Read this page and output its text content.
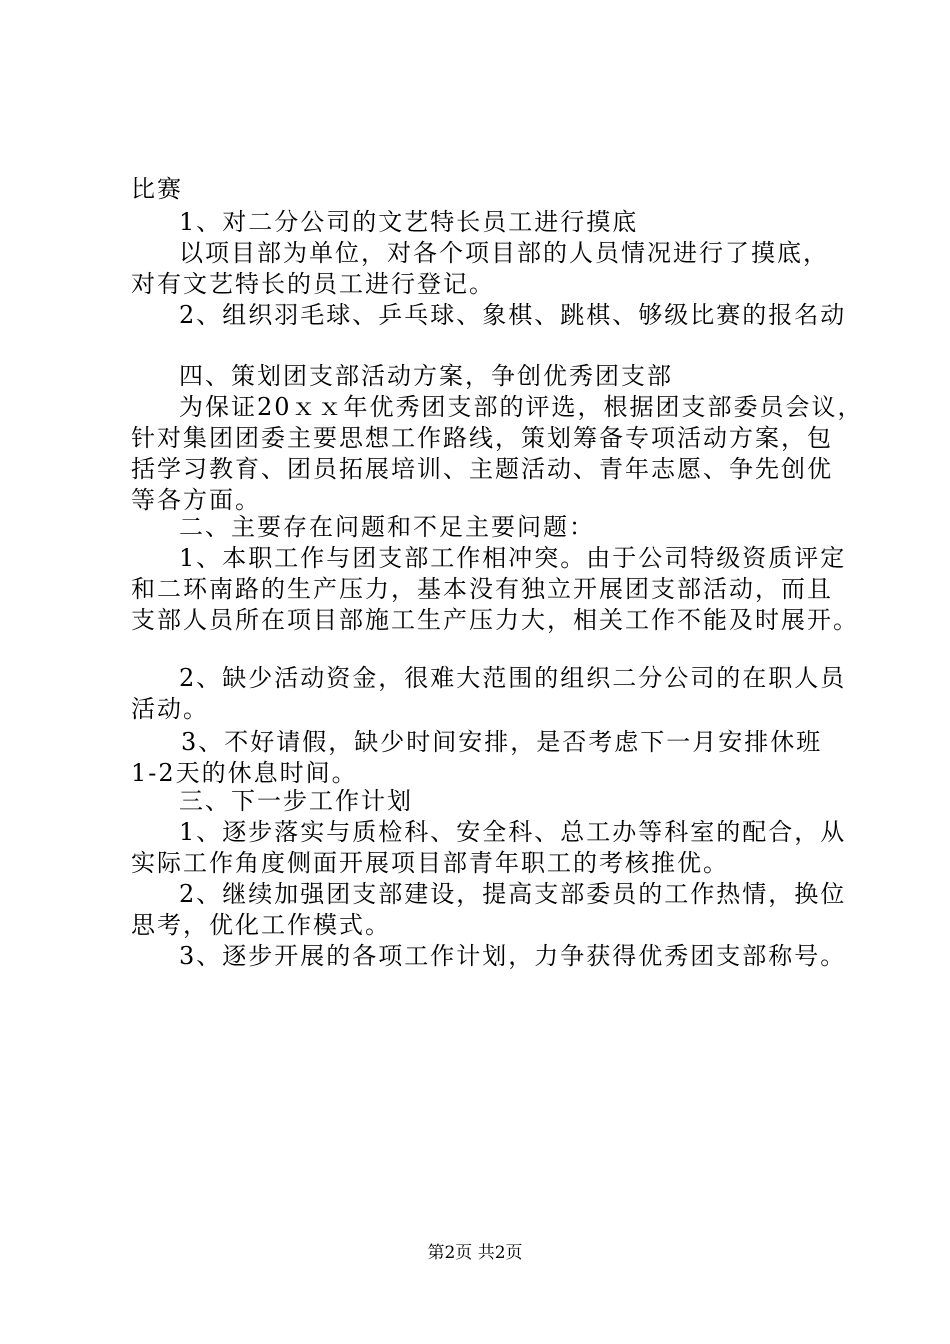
比赛
1、对二分公司的文艺特长员工进行摸底
以项目部为单位，对各个项目部的人员情况进行了摸底，
对有文艺特长的员工进行登记。
2、组织羽毛球、乒乓球、象棋、跳棋、够级比赛的报名动
四、策划团支部活动方案，争创优秀团支部
为保证20ｘｘ年优秀团支部的评选，根据团支部委员会议，
针对集团团委主要思想工作路线，策划筹备专项活动方案，包
括学习教育、团员拓展培训、主题活动、青年志愿、争先创优
等各方面。
二、主要存在问题和不足主要问题：
1、本职工作与团支部工作相冲突。由于公司特级资质评定
和二环南路的生产压力，基本没有独立开展团支部活动，而且
支部人员所在项目部施工生产压力大，相关工作不能及时展开。
2、缺少活动资金，很难大范围的组织二分公司的在职人员
活动。
3、不好请假，缺少时间安排，是否考虑下一月安排休班
1-2天的休息时间。
三、下一步工作计划
1、逐步落实与质检科、安全科、总工办等科室的配合，从
实际工作角度侧面开展项目部青年职工的考核推优。
2、继续加强团支部建设，提高支部委员的工作热情，换位
思考，优化工作模式。
3、逐步开展的各项工作计划，力争获得优秀团支部称号。
第2页 共2页
